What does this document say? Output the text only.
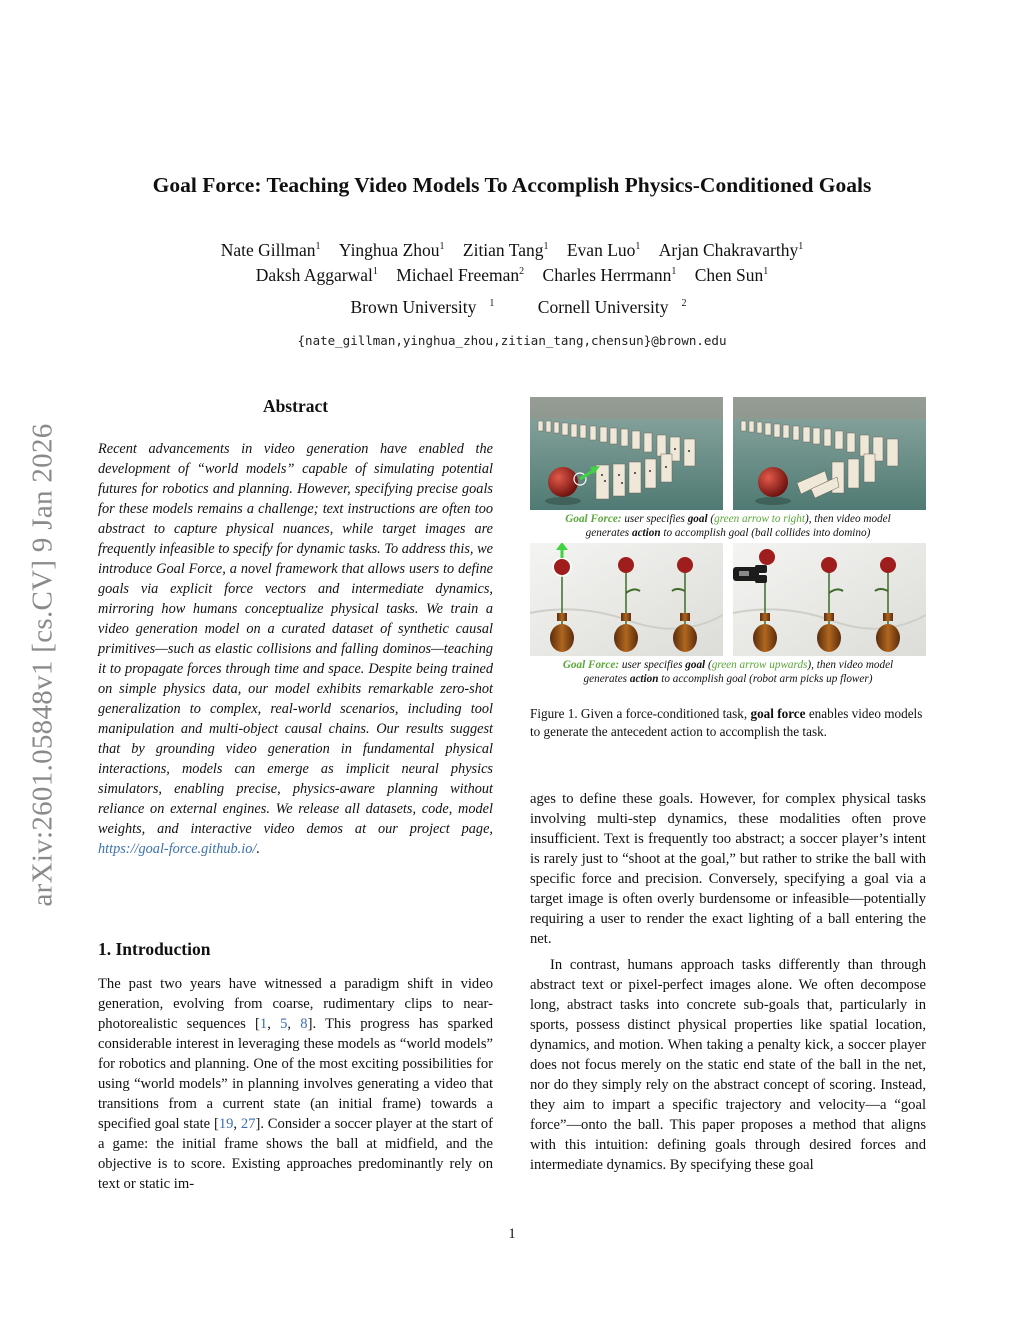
arXiv:2601.05848v1 [cs.CV] 9 Jan 2026
Goal Force: Teaching Video Models To Accomplish Physics-Conditioned Goals
Nate Gillman$^1$ Yinghua Zhou$^1$ Zitian Tang$^1$ Evan Luo$^1$ Arjan Chakravarthy$^1$
Daksh Aggarwal$^1$ Michael Freeman$^2$ Charles Herrmann$^1$ Chen Sun$^1$
Brown University $^1$ Cornell University $^2$
{nate_gillman,yinghua_zhou,zitian_tang,chensun}@brown.edu
Abstract
Recent advancements in video generation have enabled the development of “world models” capable of simulating potential futures for robotics and planning. However, specifying precise goals for these models remains a challenge; text instructions are often too abstract to capture physical nuances, while target images are frequently infeasible to specify for dynamic tasks. To address this, we introduce Goal Force, a novel framework that allows users to define goals via explicit force vectors and intermediate dynamics, mirroring how humans conceptualize physical tasks. We train a video generation model on a curated dataset of synthetic causal primitives—such as elastic collisions and falling dominos—teaching it to propagate forces through time and space. Despite being trained on simple physics data, our model exhibits remarkable zero-shot generalization to complex, real-world scenarios, including tool manipulation and multi-object causal chains. Our results suggest that by grounding video generation in fundamental physical interactions, models can emerge as implicit neural physics simulators, enabling precise, physics-aware planning without reliance on external engines. We release all datasets, code, model weights, and interactive video demos at our project page, https://goal-force.github.io/.
1. Introduction

The past two years have witnessed a paradigm shift in video generation, evolving from coarse, rudimentary clips to near-photorealistic sequences [1, 5, 8]. This progress has sparked considerable interest in leveraging these models as “world models” for robotics and planning. One of the most exciting possibilities for using “world models” in planning involves generating a video that transitions from a current state (an initial frame) towards a specified goal state [19, 27]. Consider a soccer player at the start of a game: the initial frame shows the ball at midfield, and the objective is to score. Existing approaches predominantly rely on text or static im-

ages to define these goals. However, for complex physical tasks involving multi-step dynamics, these modalities often prove insufficient. Text is frequently too abstract; a soccer player’s intent is rarely just to “shoot at the goal,” but rather to strike the ball with specific force and precision. Conversely, specifying a goal via a target image is often overly burdensome or infeasible—potentially requiring a user to render the exact lighting of a ball entering the net.

In contrast, humans approach tasks differently than through abstract text or pixel-perfect images alone. We often decompose long, abstract tasks into concrete sub-goals that, particularly in sports, possess distinct physical properties like spatial location, dynamics, and motion. When taking a penalty kick, a soccer player does not focus merely on the static end state of the ball in the net, nor do they simply rely on the abstract concept of scoring. Instead, they aim to impart a specific trajectory and velocity—a “goal force”—onto the ball. This paper proposes a method that aligns with this intuition: defining goals through desired forces and intermediate dynamics. By specifying these goal

Goal Force: user specifies goal (green arrow to right), then video model
generates action to accomplish goal (ball collides into domino)
Goal Force: user specifies goal (green arrow upwards), then video model
generates action to accomplish goal (robot arm picks up flower)
Figure 1. Given a force-conditioned task, goal force enables video models to generate the antecedent action to accomplish the task.
1
